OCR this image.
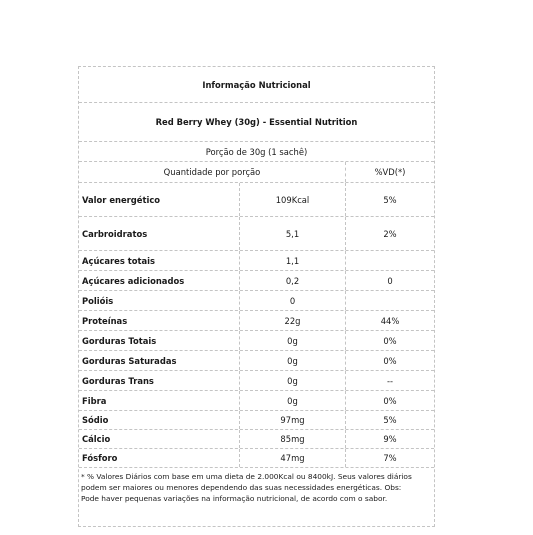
Informação Nutricional
Red Berry Whey (30g) - Essential Nutrition
Porção de 30g (1 sachê)
Quantidade por porção	%VD(*)
Valor energético	109Kcal	5%
Carbroidratos	5,1	2%
Açúcares totais	1,1
Açúcares adicionados	0,2	0
Polióis	0
Proteínas	22g	44%
Gorduras Totais	0g	0%
Gorduras Saturadas	0g	0%
Gorduras Trans	0g	--
Fibra	0g	0%
Sódio	97mg	5%
Cálcio	85mg	9%
Fósforo	47mg	7%
* % Valores Diários com base em uma dieta de 2.000Kcal ou 8400kJ. Seus valores diários
podem ser maiores ou menores dependendo das suas necessidades energéticas. Obs:
Pode haver pequenas variações na informação nutricional, de acordo com o sabor.
